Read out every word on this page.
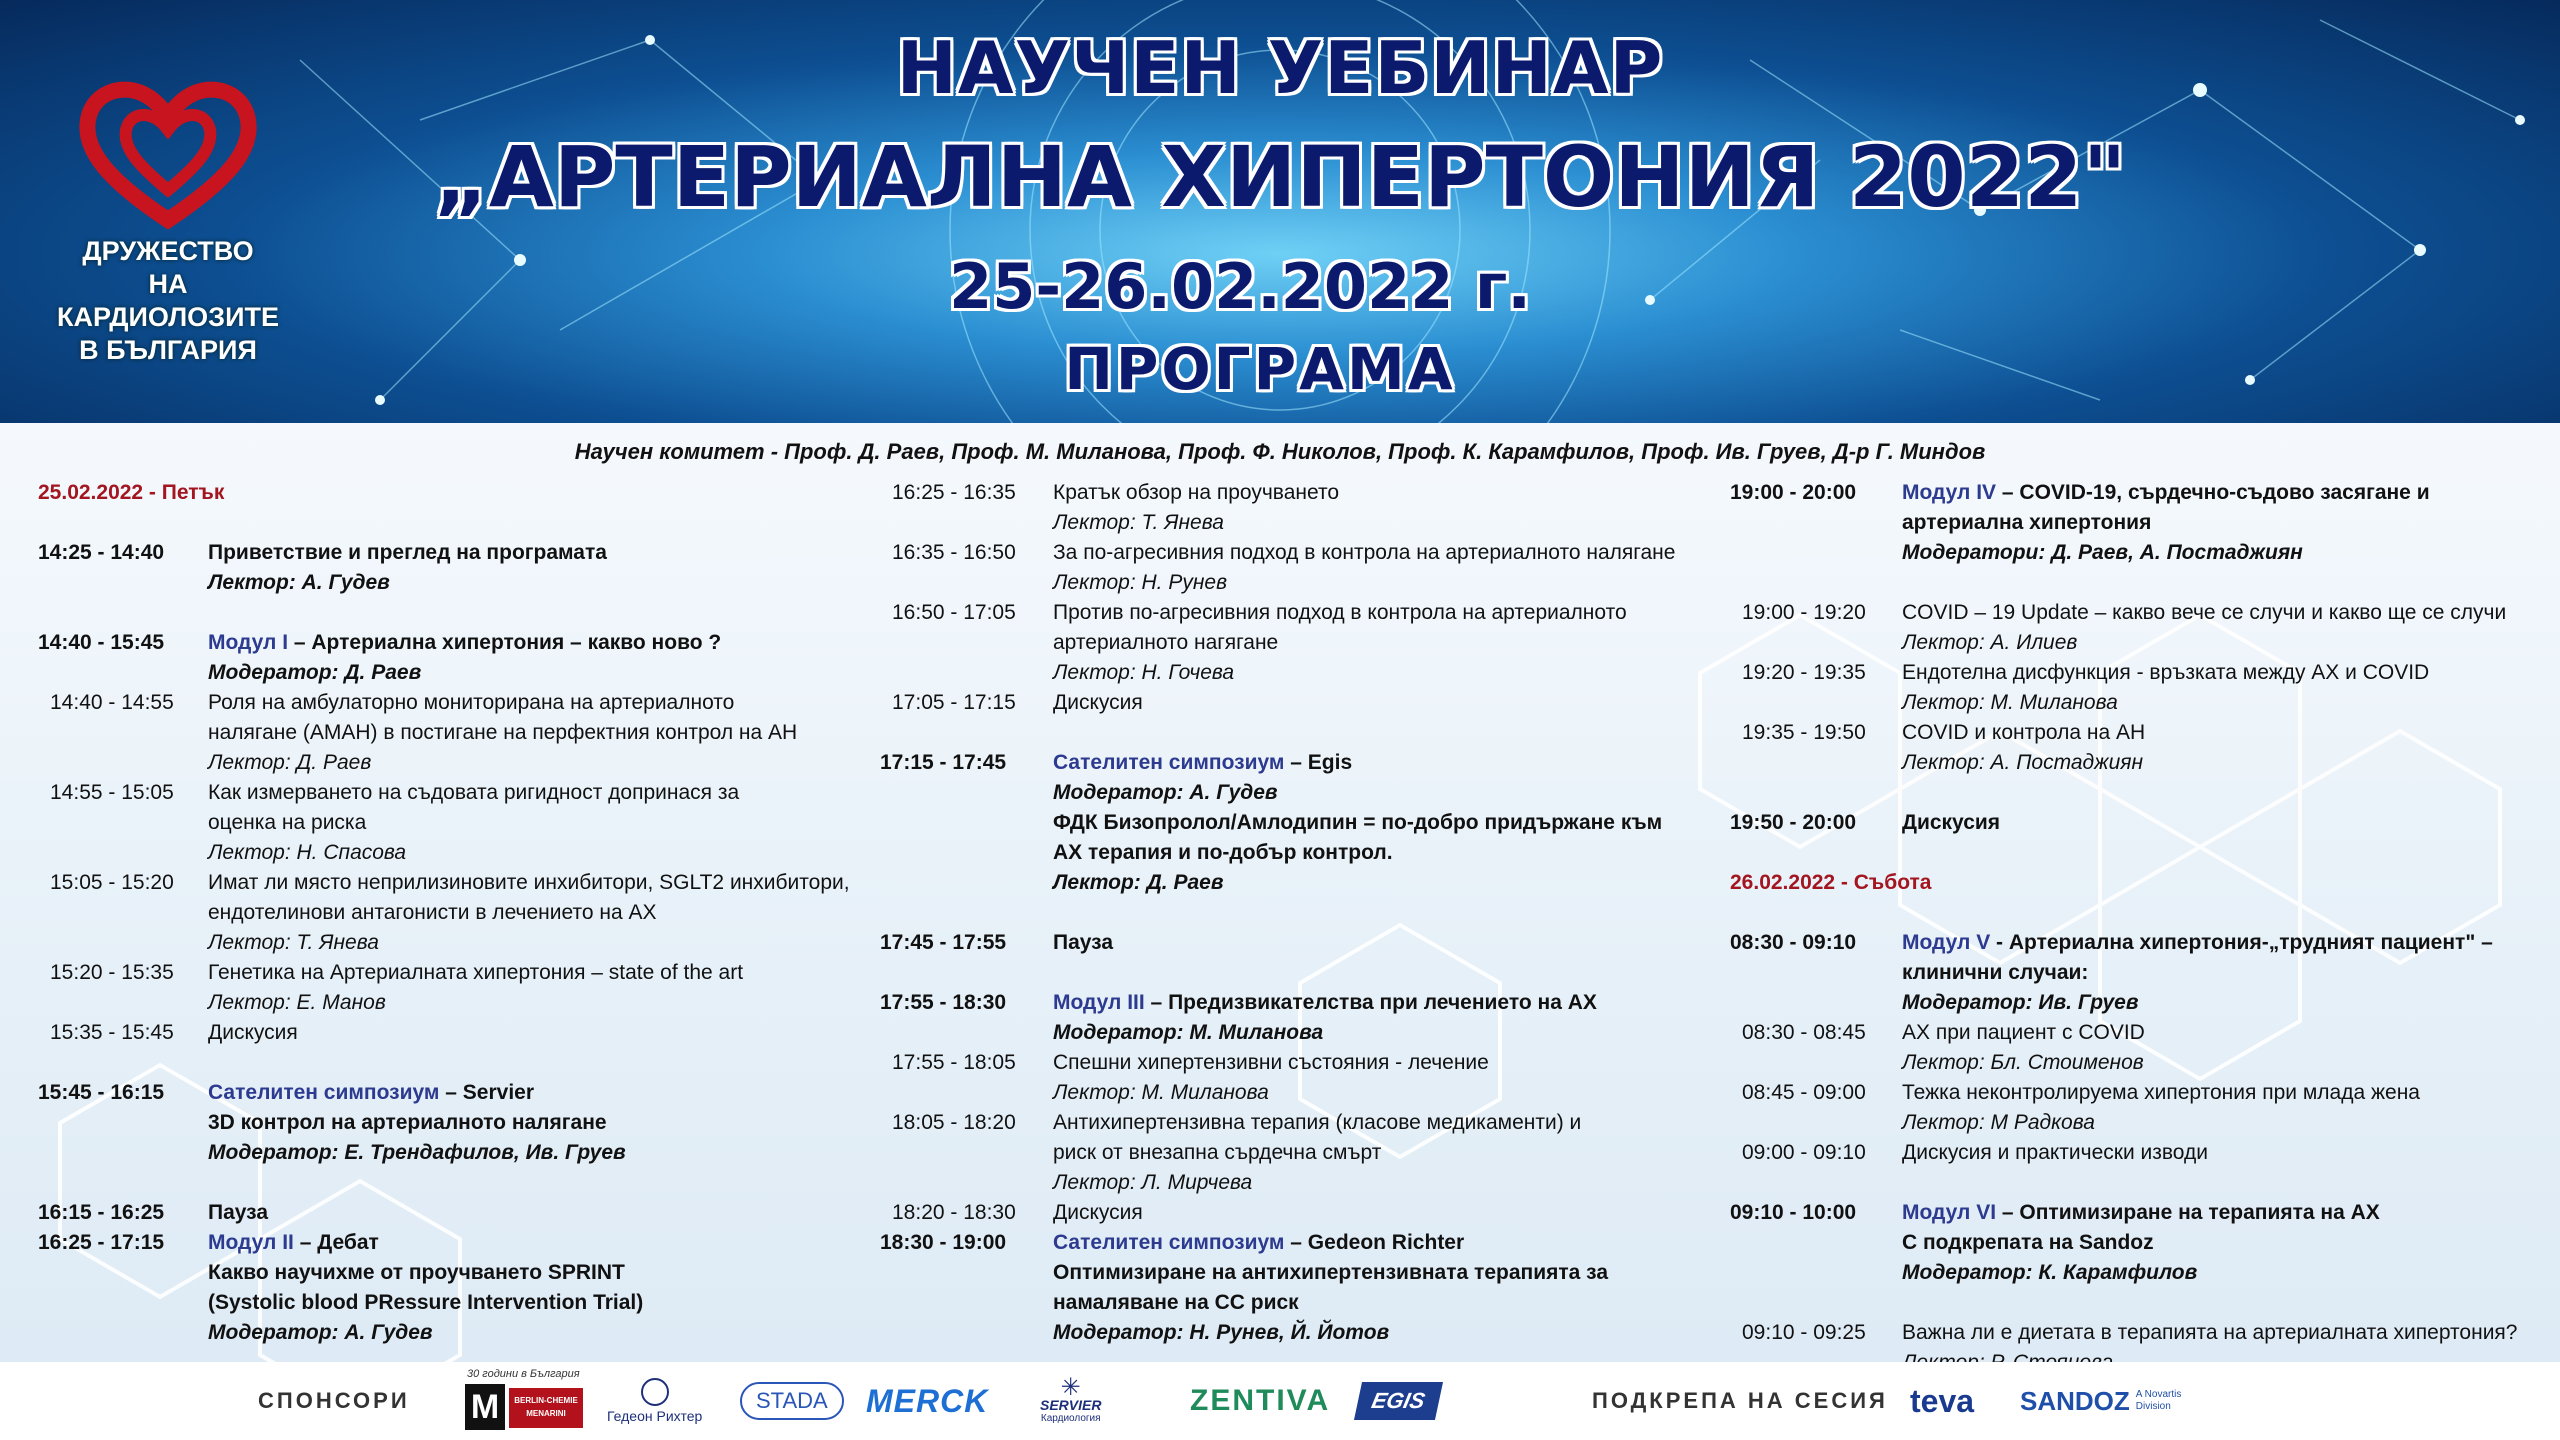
ДРУЖЕСТВО
НА КАРДИОЛОЗИТЕ
В БЪЛГАРИЯ
НАУЧЕН УЕБИНАР
„АРТЕРИАЛНА ХИПЕРТОНИЯ 2022"
25-26.02.2022 г.
ПРОГРАМА
Научен комитет - Проф. Д. Раев, Проф. М. Миланова, Проф. Ф. Николов, Проф. К. Карамфилов, Проф. Ив. Груев, Д-р Г. Миндов
25.02.2022 - Петък
14:25 - 14:40	Приветствие и преглед на програмата
Лектор: А. Гудев
14:40 - 15:45	Модул I – Артериална хипертония – какво ново ?
Модератор: Д. Раев
14:40 - 14:55	Роля на амбулаторно мониторирана на артериалното
налягане (АМАН) в постигане на перфектния контрол на АН
Лектор: Д. Раев
14:55 - 15:05	Как измерването на съдовата ригидност допринася за
оценка на риска
Лектор: Н. Спасова
15:05 - 15:20	Имат ли място неприлизиновите инхибитори, SGLT2 инхибитори,
ендотелинови антагонисти в лечението на АХ
Лектор: Т. Янева
15:20 - 15:35	Генетика на Артериалната хипертония – state of the art
Лектор: Е. Манов
15:35 - 15:45	Дискусия
15:45 - 16:15	Сателитен симпозиум – Servier
3D контрол на артериалното налягане
Модератор: Е. Трендафилов, Ив. Груев
16:15 - 16:25	Пауза
16:25 - 17:15	Модул II – Дебат
Какво научихме от проучването SPRINT
(Systolic blood PRessure Intervention Trial)
Модератор: А. Гудев
16:25 - 16:35	Кратък обзор на проучването
Лектор: Т. Янева
16:35 - 16:50	За по-агресивния подход в контрола на артериалното налягане
Лектор: Н. Рунев
16:50 - 17:05	Против по-агресивния подход в контрола на артериалното
артериалното нагягане
Лектор: Н. Гочева
17:05 - 17:15	Дискусия
17:15 - 17:45	Сателитен симпозиум – Egis
Модератор: А. Гудев
ФДК Бизопролол/Амлодипин = по-добро придържане към
АХ терапия и по-добър контрол.
Лектор: Д. Раев
17:45 - 17:55	Пауза
17:55 - 18:30	Модул III – Предизвикателства при лечението на АХ
Модератор: М. Миланова
17:55 - 18:05	Спешни хипертензивни състояния - лечение
Лектор: М. Миланова
18:05 - 18:20	Антихипертензивна терапия (класове медикаменти) и
риск от внезапна сърдечна смърт
Лектор: Л. Мирчева
18:20 - 18:30	Дискусия
18:30 - 19:00	Сателитен симпозиум – Gedeon Richter
Оптимизиране на антихипертензивната терапията за
намаляване на СС риск
Модератор: Н. Рунев, Й. Йотов
19:00 - 20:00	Модул IV – COVID-19, сърдечно-съдово засягане и
артериална хипертония
Модератори: Д. Раев, А. Постаджиян
19:00 - 19:20	COVID – 19 Update – какво вече се случи и какво ще се случи
Лектор: А. Илиев
19:20 - 19:35	Ендотелна дисфункция - връзката между АХ и COVID
Лектор: М. Миланова
19:35 - 19:50	COVID и контрола на АН
Лектор: А. Постаджиян
19:50 - 20:00	Дискусия
26.02.2022 - Събота
08:30 - 09:10	Модул V - Артериална хипертония-„трудният пациент" –
клинични случаи:
Модератор: Ив. Груев
08:30 - 08:45	АХ при пациент с COVID
Лектор: Бл. Стоименов
08:45 - 09:00	Тежка неконтролируема хипертония при млада жена
Лектор: М Радкова
09:00 - 09:10	Дискусия и практически изводи
09:10 - 10:00	Модул VI – Оптимизиране на терапията на АХ
С подкрепата на Sandoz
Модератор: К. Карамфилов
09:10 - 09:25	Важна ли е диетата в терапията на артериалната хипертония?
СПОНСОРИ
30 години в България
M	BERLIN-CHEMIE
MENARINI	Гедеон Рихтер
STADA	MERCK	✳
SERVIER
Кардиология
ZENTIVA	EGIS	ПОДКРЕПА НА СЕСИЯ teva SANDOZ A Novartis
Division
